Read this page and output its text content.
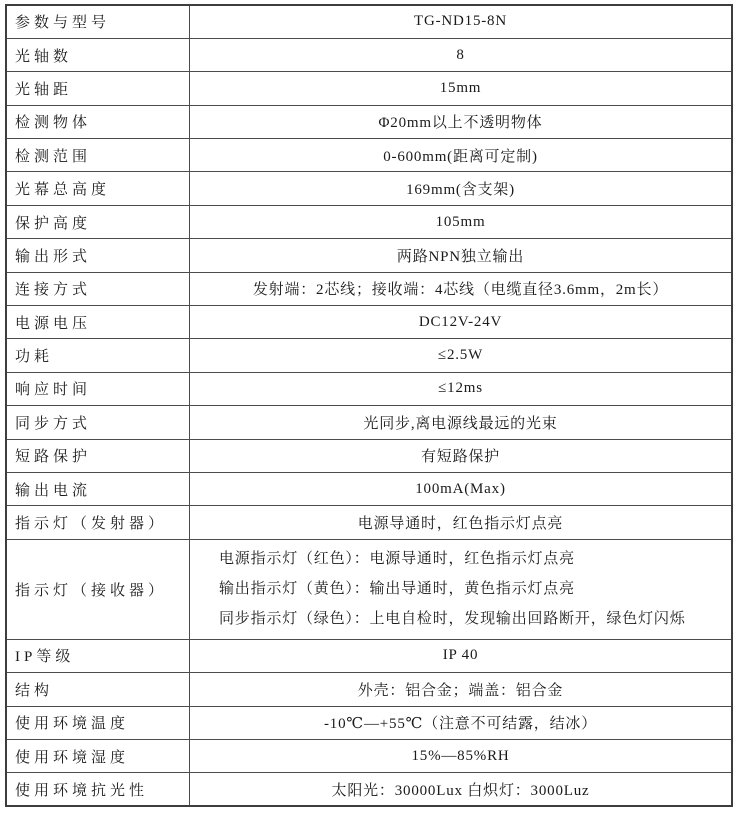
参数与型号	TG-ND15-8N
光轴数	8
光轴距	15mm
检测物体	Φ20mm以上不透明物体
检测范围	0-600mm(距离可定制)
光幕总高度	169mm(含支架)
保护高度	105mm
输出形式	两路NPN独立输出
连接方式	发射端：2芯线；接收端：4芯线（电缆直径3.6mm，2m长）
电源电压	DC12V-24V
功耗	≤2.5W
响应时间	≤12ms
同步方式	光同步,离电源线最远的光束
短路保护	有短路保护
输出电流	100mA(Max)
指示灯（发射器）	电源导通时，红色指示灯点亮
指示灯（接收器）	电源指示灯（红色）：电源导通时，红色指示灯点亮
输出指示灯（黄色）：输出导通时，黄色指示灯点亮
同步指示灯（绿色）：上电自检时，发现输出回路断开，绿色灯闪烁

IP等级	IP 40
结构	外壳：铝合金；端盖：铝合金
使用环境温度	-10℃—+55℃（注意不可结露，结冰）
使用环境湿度	15%—85%RH
使用环境抗光性	太阳光：30000Lux 白炽灯：3000Luz
